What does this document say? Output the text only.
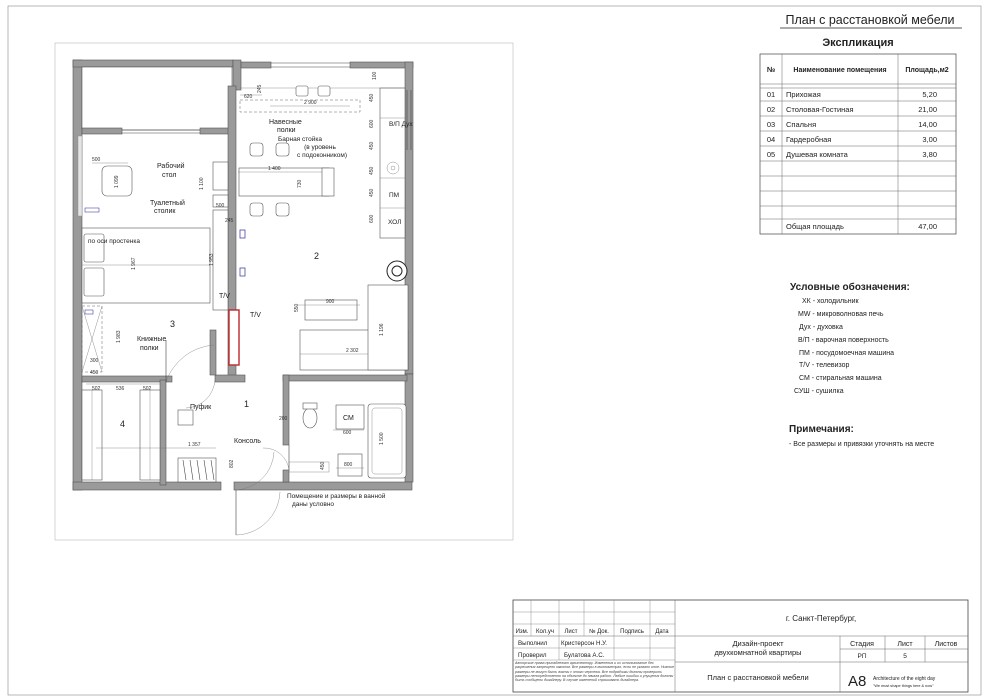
План с расстановкой мебели
Экспликация
№	Наименование помещения	Площадь,м2
01 Прихожая	5,20
02 Столовая-Гостиная	21,00
03 Спальня	14,00
04 Гардеробная	3,00
05 Душевая комната	3,80
Общая площадь	47,00
Условные обозначения:
ХК - холодильник
MW - микроволновая печь
Дух - духовка
В/П - варочная поверхность
ПМ - посудомоечная машина
T/V - телевизор
СМ - стиральная машина
СУШ - сушилка
Примечания:
- Все размеры и привязки уточнять на месте
В/П Дух
ПМ
ХОЛ
Рабочий стол
Туалетный столик
по оси простенка
Навесные полки
Барная стойка (в уровень с подоконником)
Книжные полки
Пуфик
Консоль
T/V
T/V
СМ
Помещение и размеры в ванной даны условно
3
2
1
4
620
245
2 900
100
450
450
450
450
600
600
1 400
730
500
1 099	1 100
500
245
1 953
1 967
550
900
1 196
2 302
1 983
300
450
502	536	502
1 357
200
600	1 500
800
450
802
Изм. Кол.уч Лист № Док. Подпись Дата
Выполнил Кристерсон Н.У.
Проверил	Булатова А.С.
Авторские права принадлежат архитектору. Изменения и их использование без разрешения запрещено законом. Все размеры в миллиметрах, если не указано иное. Нижние размеры не могут быть взяты с этого чертежа. Все подрядчики должны проверить размеры непосредственно на объекте до начала работ. Любые ошибки и упущения должны быть сообщены дизайнеру. В случае изменений спрашивать дизайнера.
г. Санкт-Петербург,
Дизайн-проект двухкомнатной квартиры
Стадия	Лист	Листов
РП	5
План с расстановкой мебели	A8 Architecture of the eight day
"We must shape things here & now"
